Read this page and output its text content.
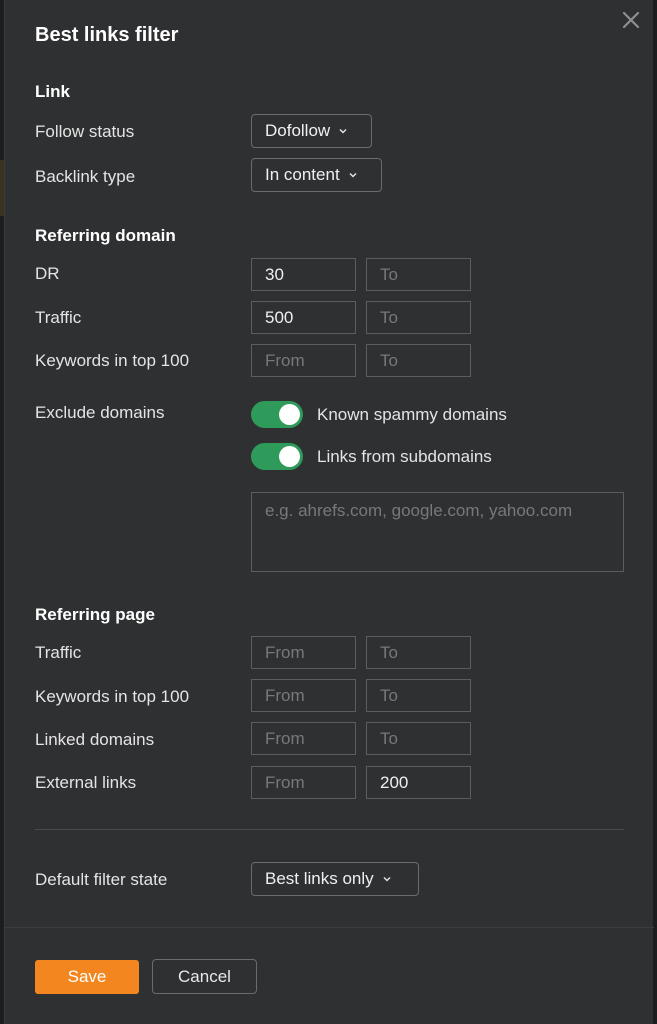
Best links filter
Link
Follow status	Dofollow
Backlink type	In content
Referring domain
DR	30	To
Traffic	500	To
Keywords in top 100	From	To
Exclude domains	Known spammy domains
Links from subdomains
e.g. ahrefs.com, google.com, yahoo.com
Referring page
Traffic	From	To
Keywords in top 100	From	To
Linked domains	From	To
External links	From	200
Default filter state	Best links only
Save	Cancel
